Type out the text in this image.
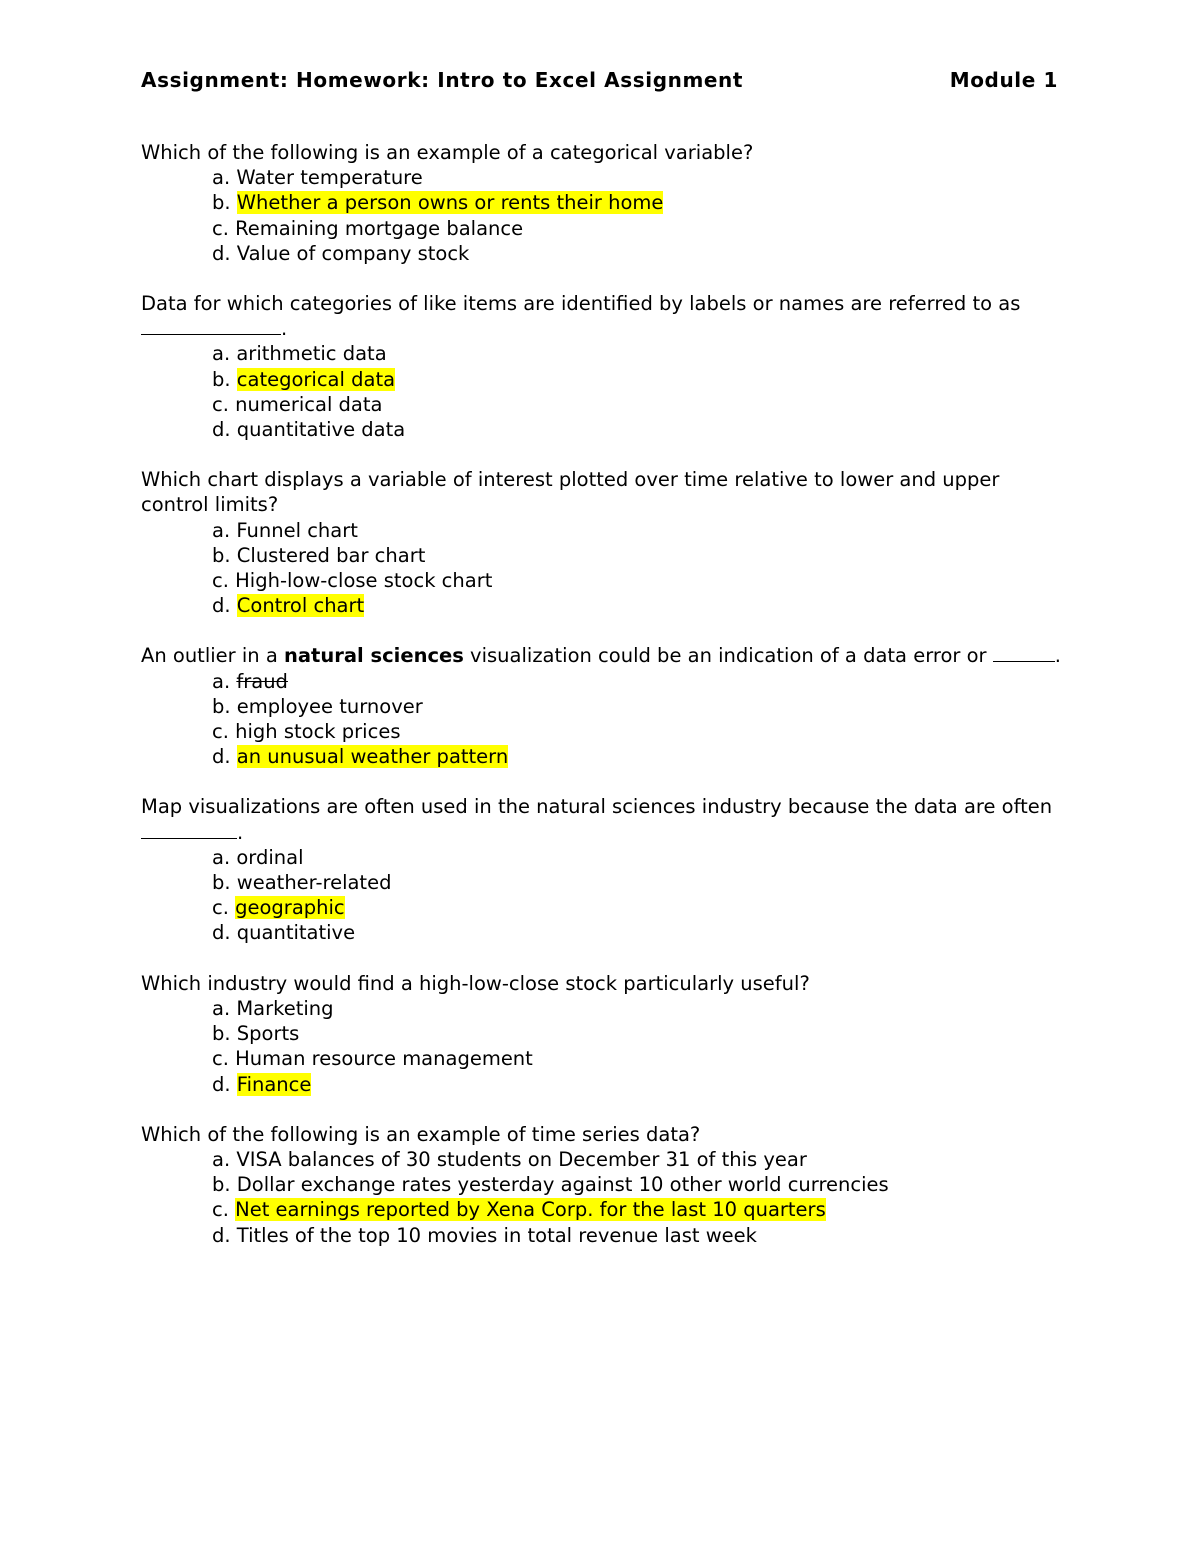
Assignment: Homework: Intro to Excel Assignment	Module 1
Which of the following is an example of a categorical variable?
a. Water temperature
b. Whether a person owns or rents their home
c. Remaining mortgage balance
d. Value of company stock
Data for which categories of like items are identified by labels or names are referred to as .
a. arithmetic data
b. categorical data
c. numerical data
d. quantitative data
Which chart displays a variable of interest plotted over time relative to lower and upper control limits?
a. Funnel chart
b. Clustered bar chart
c. High-low-close stock chart
d. Control chart
An outlier in a natural sciences visualization could be an indication of a data error or	.
a. fraud
b. employee turnover
c. high stock prices
d. an unusual weather pattern
Map visualizations are often used in the natural sciences industry because the data are often .
a. ordinal
b. weather-related
c. geographic
d. quantitative
Which industry would find a high-low-close stock particularly useful?
a. Marketing
b. Sports
c. Human resource management
d. Finance
Which of the following is an example of time series data?
a. VISA balances of 30 students on December 31 of this year
b. Dollar exchange rates yesterday against 10 other world currencies
c. Net earnings reported by Xena Corp. for the last 10 quarters
d. Titles of the top 10 movies in total revenue last week
